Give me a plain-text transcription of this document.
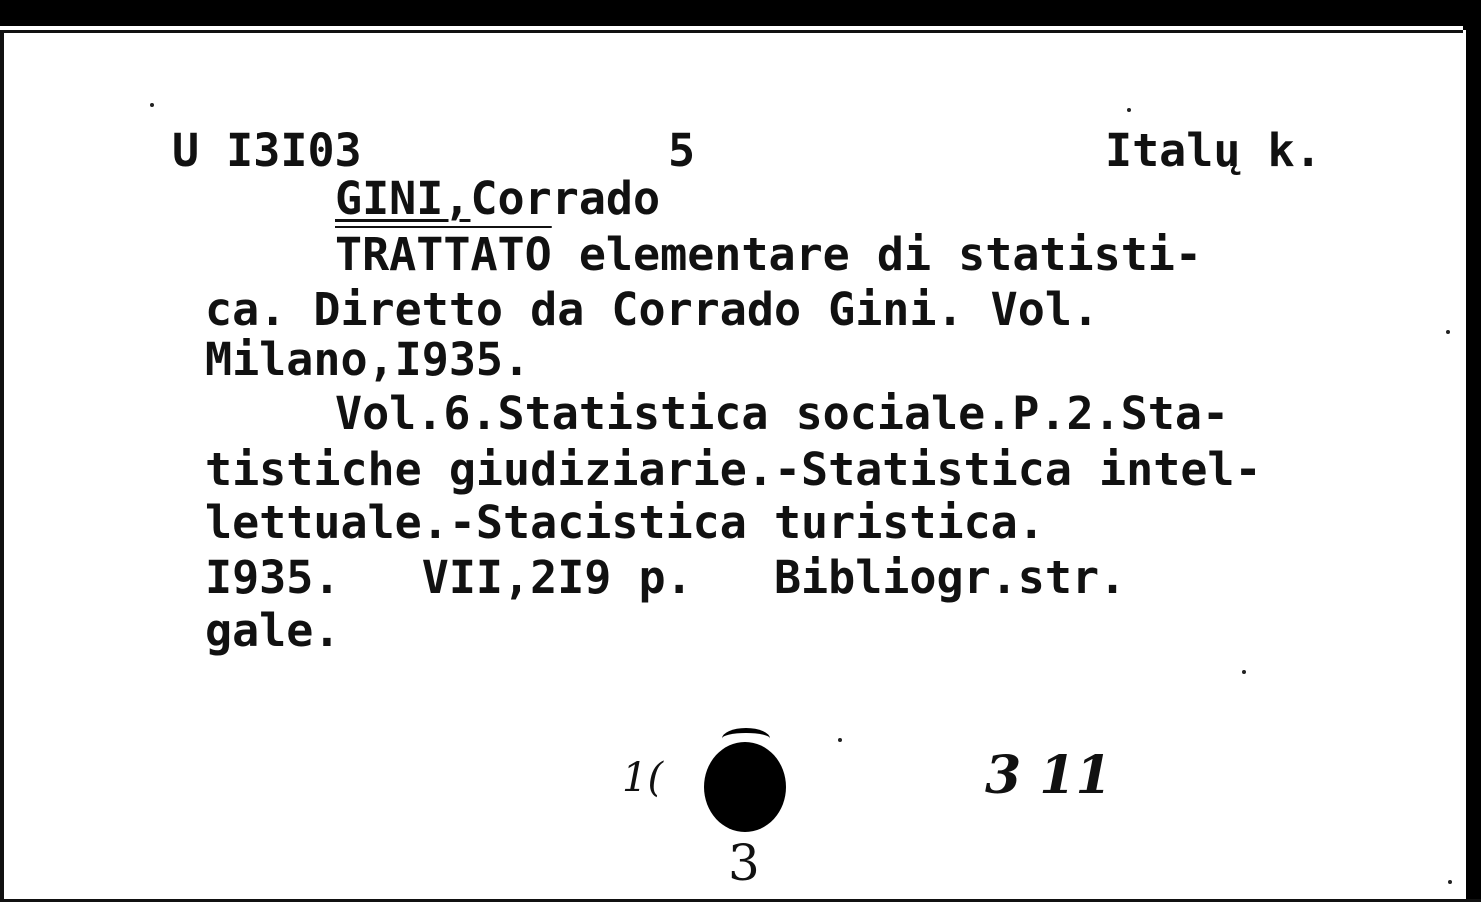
U I3I03	5	Italų k.
GINI,Corrado
TRATTATO elementare di statisti-
ca. Diretto da Corrado Gini. Vol.
Milano,I935.
Vol.6.Statistica sociale.P.2.Sta-
tistiche giudiziarie.-Statistica intel-
lettuale.-Stacistica turistica.
I935.   VII,2I9 p.   Bibliogr.str.
gale.
1(	3 11
3
